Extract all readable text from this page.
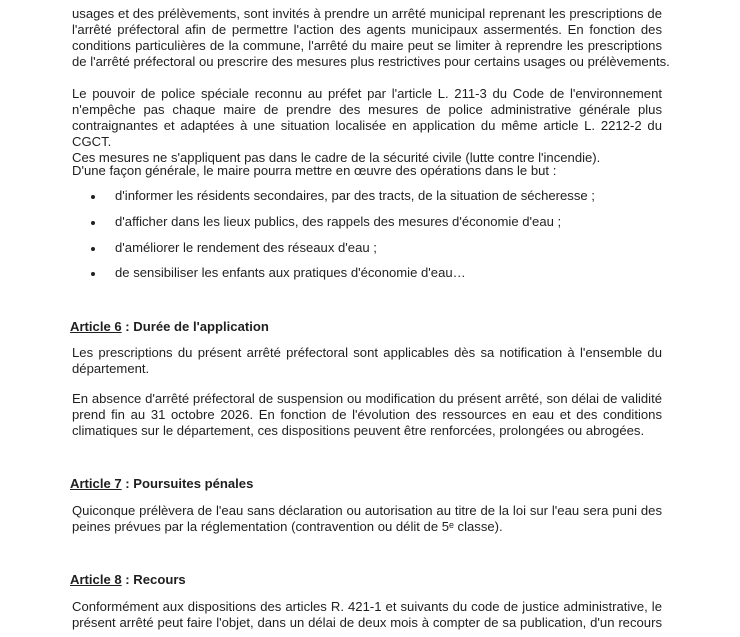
usages et des prélèvements, sont invités à prendre un arrêté municipal reprenant les prescriptions de
l'arrêté préfectoral afin de permettre l'action des agents municipaux assermentés. En fonction des
conditions particulières de la commune, l'arrêté du maire peut se limiter à reprendre les prescriptions
de l'arrêté préfectoral ou prescrire des mesures plus restrictives pour certains usages ou prélèvements.
Le pouvoir de police spéciale reconnu au préfet par l'article L. 211-3 du Code de l'environnement
n'empêche pas chaque maire de prendre des mesures de police administrative générale plus
contraignantes et adaptées à une situation localisée en application du même article L. 2212-2 du CGCT.
Ces mesures ne s'appliquent pas dans le cadre de la sécurité civile (lutte contre l'incendie).
D'une façon générale, le maire pourra mettre en œuvre des opérations dans le but :
d'informer les résidents secondaires, par des tracts, de la situation de sécheresse ;
d'afficher dans les lieux publics, des rappels des mesures d'économie d'eau ;
d'améliorer le rendement des réseaux d'eau ;
de sensibiliser les enfants aux pratiques d'économie d'eau…
Article 6 : Durée de l'application
Les prescriptions du présent arrêté préfectoral sont applicables dès sa notification à l'ensemble du
département.
En absence d'arrêté préfectoral de suspension ou modification du présent arrêté, son délai de validité
prend fin au 31 octobre 2026. En fonction de l'évolution des ressources en eau et des conditions
climatiques sur le département, ces dispositions peuvent être renforcées, prolongées ou abrogées.
Article 7 : Poursuites pénales
Quiconque prélèvera de l'eau sans déclaration ou autorisation au titre de la loi sur l'eau sera puni des
peines prévues par la réglementation (contravention ou délit de 5ᵉ classe).
Article 8 : Recours
Conformément aux dispositions des articles R. 421-1 et suivants du code de justice administrative, le
présent arrêté peut faire l'objet, dans un délai de deux mois à compter de sa publication, d'un recours
